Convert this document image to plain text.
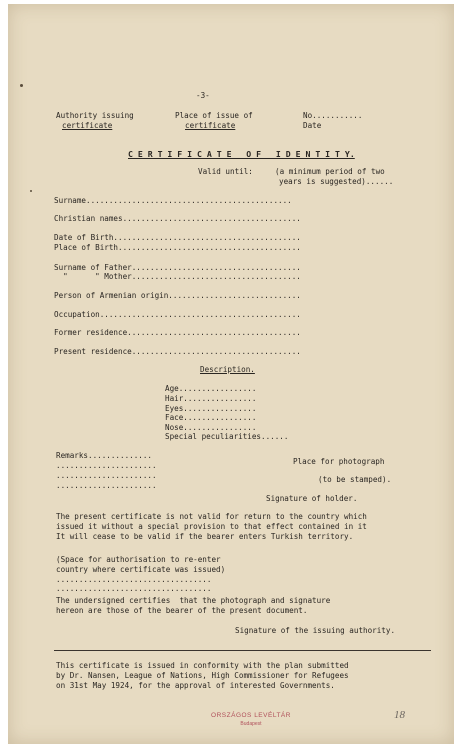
-3-
Authority issuing
certificate
Place of issue of
certificate
No...........
Date
C E R T I F I C A T E   O F   I D E N T I T Y.
Valid until:	(a minimum period of two
years is suggested)......
Surname.............................................
Christian names.......................................
Date of Birth.........................................
Place of Birth........................................
Surname of Father.....................................
"      " Mother.....................................
Person of Armenian origin.............................
Occupation............................................
Former residence......................................
Present residence.....................................
Description.
Age.................
Hair................
Eyes................
Face................
Nose................
Special peculiarities......
Remarks..............
......................
......................
......................
Place for photograph
(to be stamped).
Signature of holder.
The present certificate is not valid for return to the country which
issued it without a special provision to that effect contained in it
It will cease to be valid if the bearer enters Turkish territory.
(Space for authorisation to re-enter
country where certificate was issued)
..................................
..................................
The undersigned certifies  that the photograph and signature
hereon are those of the bearer of the present document.
Signature of the issuing authority.
This certificate is issued in conformity with the plan submitted
by Dr. Nansen, League of Nations, High Commissioner for Refugees
on 31st May 1924, for the approval of interested Governments.
ORSZÁGOS LEVÉLTÁR
Budapest
18
